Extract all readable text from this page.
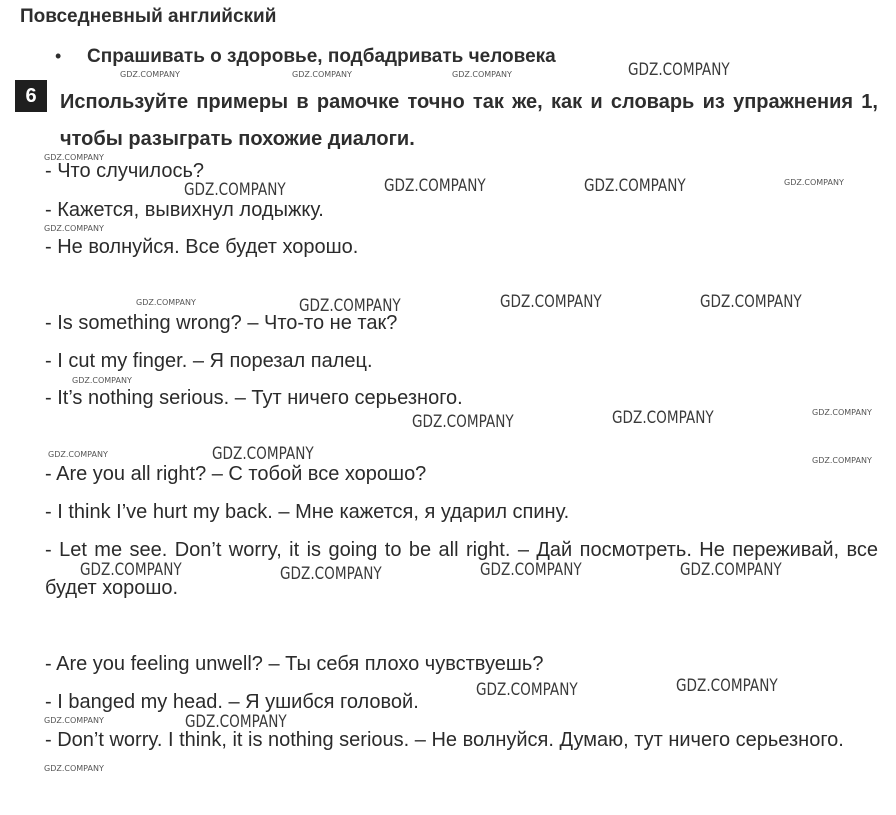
Повседневный английский
• Спрашивать о здоровье, подбадривать человека
6	Используйте примеры в рамочке точно так же, как и словарь из упражнения 1, чтобы разыграть похожие диалоги.
- Что случилось?
- Кажется, вывихнул лодыжку.
- Не волнуйся. Все будет хорошо.
- Is something wrong? – Что-то не так?
- I cut my finger. – Я порезал палец.
- It’s nothing serious. – Тут ничего серьезного.
- Are you all right? – С тобой все хорошо?
- I think I’ve hurt my back. – Мне кажется, я ударил спину.
- Let me see. Don’t worry, it is going to be all right. – Дай посмотреть. Не переживай, все будет хорошо.
- Are you feeling unwell? – Ты себя плохо чувствуешь?
- I banged my head. – Я ушибся головой.
- Don’t worry. I think, it is nothing serious. – Не волнуйся. Думаю, тут ничего серьезного.
GDZ.COMPANY
GDZ.COMPANY	GDZ.COMPANY	GDZ.COMPANY
GDZ.COMPANY	GDZ.COMPANY	GDZ.COMPANY
GDZ.COMPANY	GDZ.COMPANY
GDZ.COMPANY
GDZ.COMPANY	GDZ.COMPANY	GDZ.COMPANY	GDZ.COMPANY
GDZ.COMPANY	GDZ.COMPANY
GDZ.COMPANY
GDZ.COMPANY	GDZ.COMPANY	GDZ.COMPANY
GDZ.COMPANY
GDZ.COMPANY
GDZ.COMPANY
GDZ.COMPANY
GDZ.COMPANY
GDZ.COMPANY
GDZ.COMPANY
GDZ.COMPANY
GDZ.COMPANY
GDZ.COMPANY
